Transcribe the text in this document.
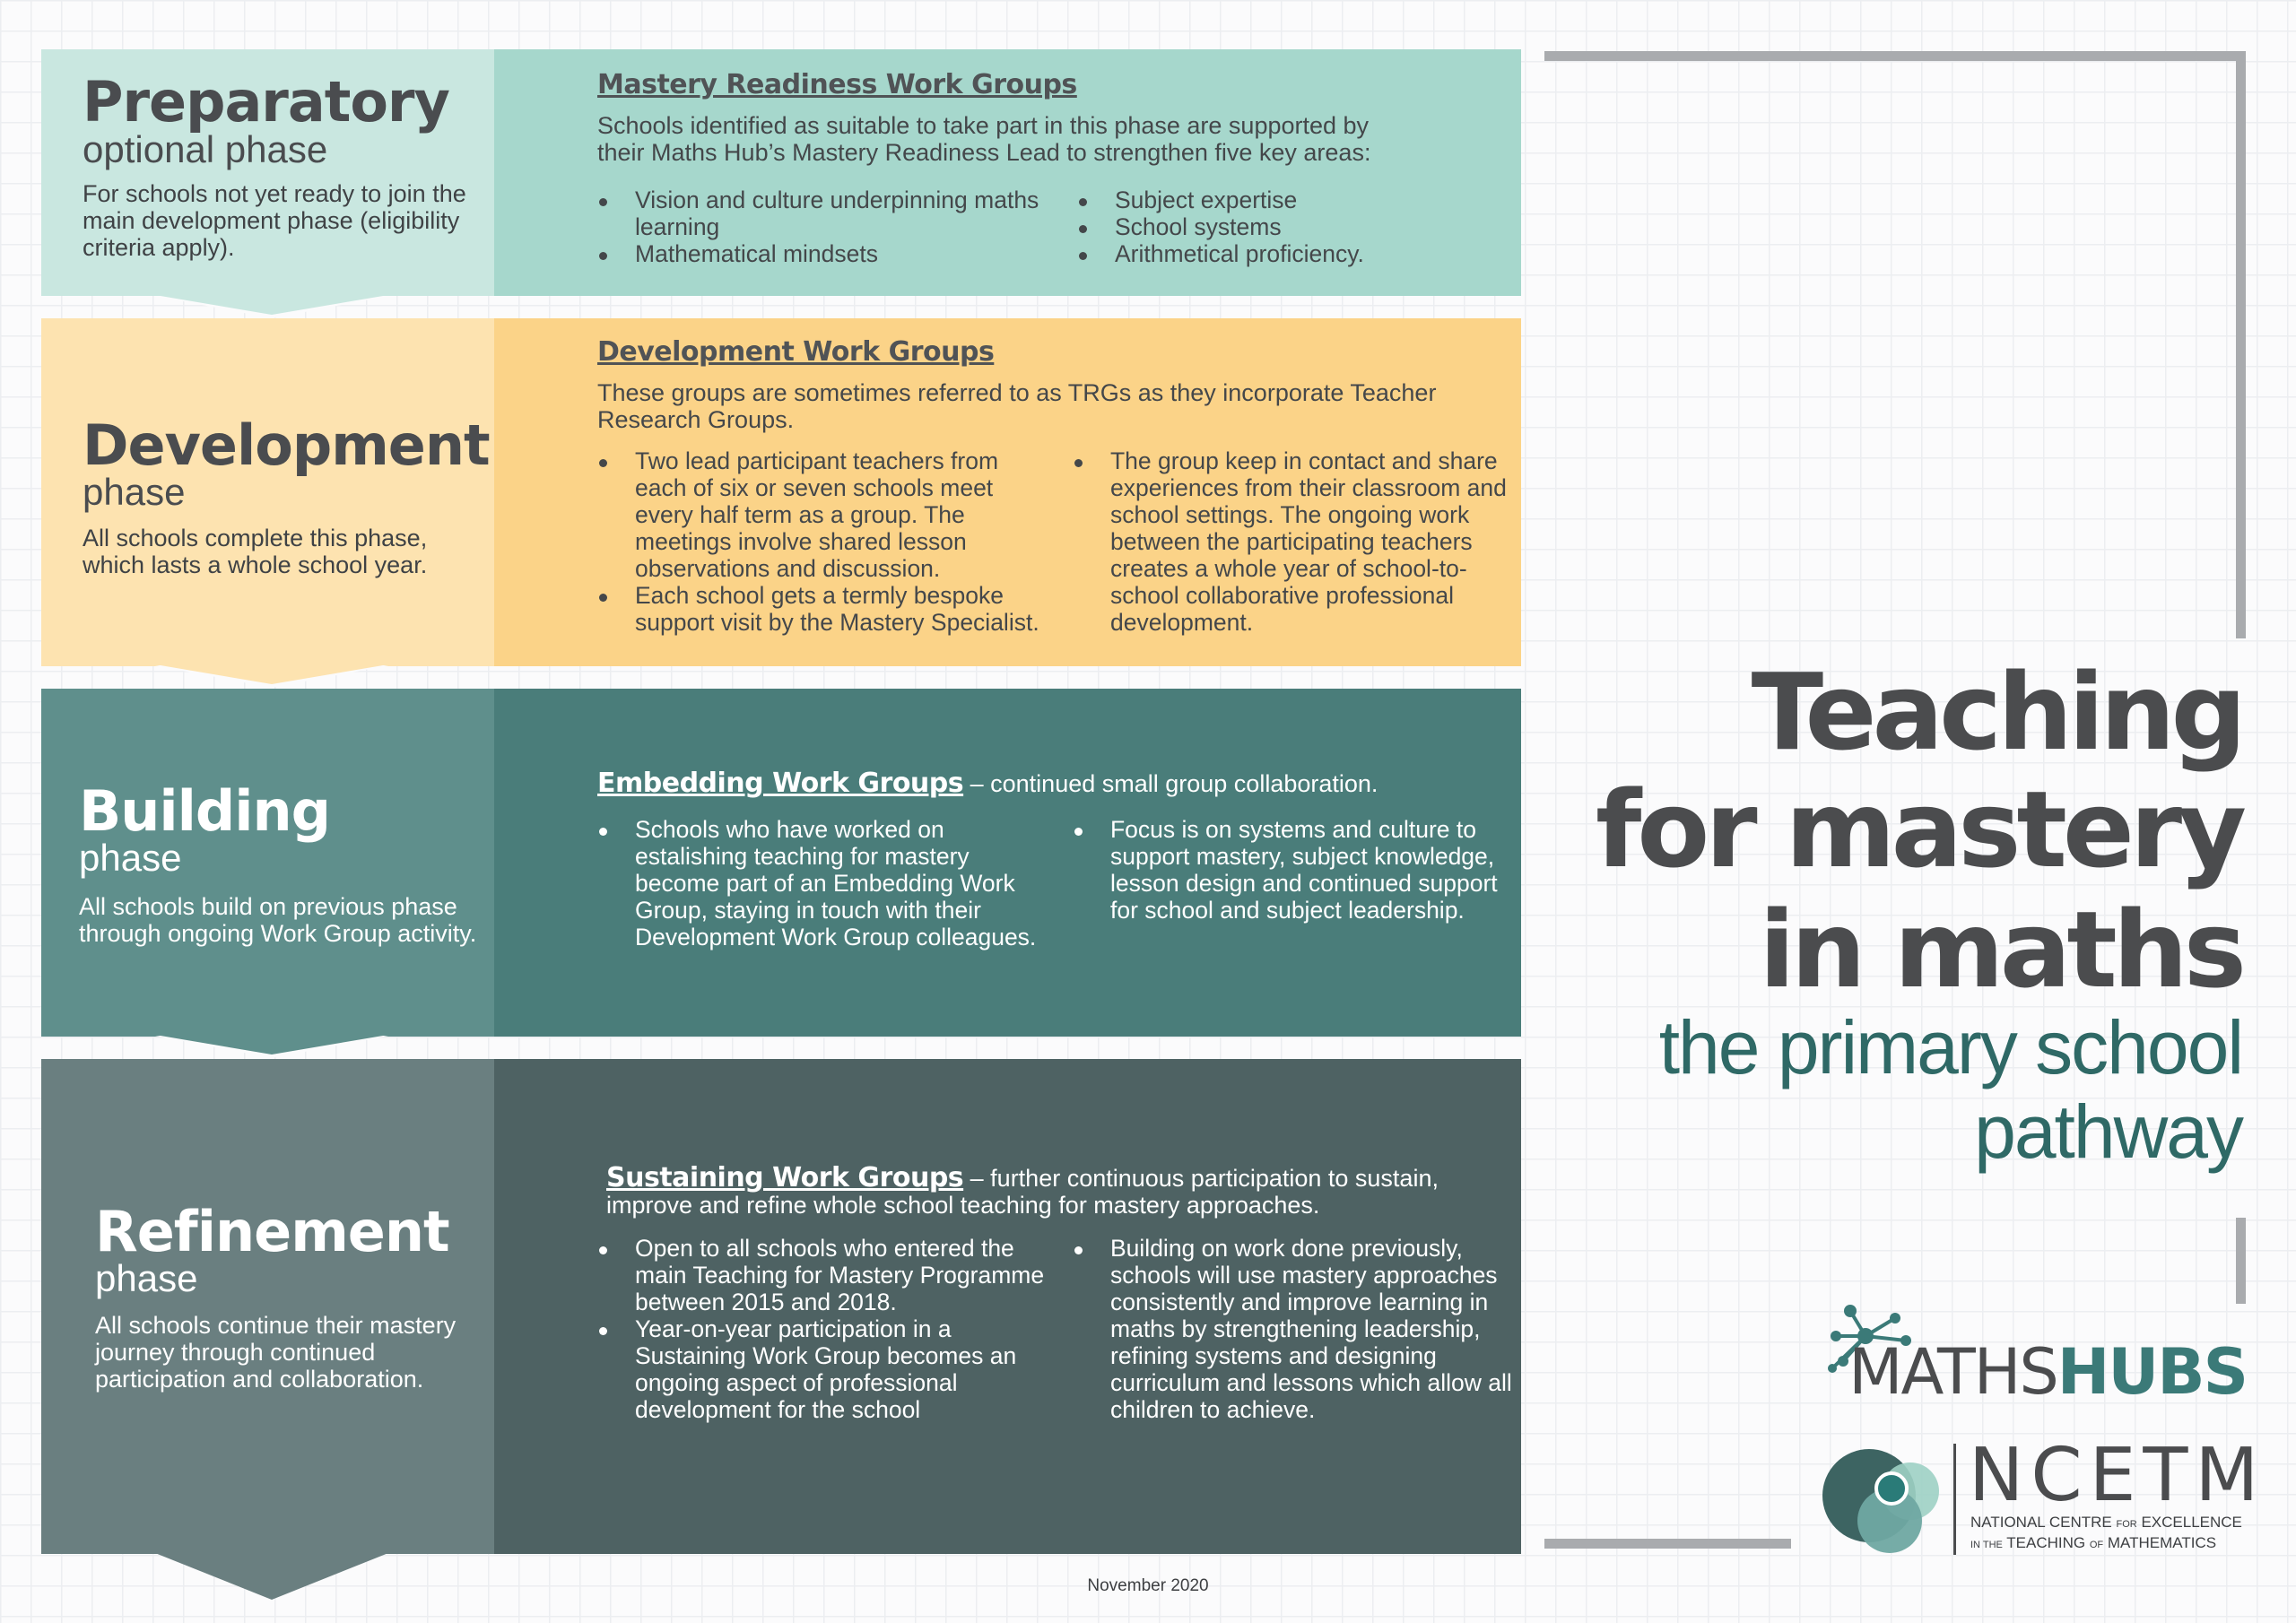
Preparatory

optional phase

For schools not yet ready to join the main development phase (eligibility criteria apply).

Mastery Readiness Work Groups

Schools identified as suitable to take part in this phase are supported by their Maths Hub’s Mastery Readiness Lead to strengthen five key areas:

Vision and culture underpinning maths learning
Mathematical mindsets
Subject expertise
School systems
Arithmetical proficiency.
Development

phase

All schools complete this phase, which lasts a whole school year.

Development Work Groups

These groups are sometimes referred to as TRGs as they incorporate Teacher Research Groups.

Two lead participant teachers from each of six or seven schools meet every half term as a group. The meetings involve shared lesson observations and discussion.
Each school gets a termly bespoke support visit by the Mastery Specialist.
The group keep in contact and share experiences from their classroom and school settings. The ongoing work between the participating teachers creates a whole year of school-to-school collaborative professional development.
Building

phase

All schools build on previous phase through ongoing Work Group activity.

Embedding Work Groups – continued small group collaboration.
Schools who have worked on estalishing teaching for mastery become part of an Embedding Work Group, staying in touch with their Development Work Group colleagues.
Focus is on systems and culture to support mastery, subject knowledge, lesson design and continued support for school and subject leadership.
Refinement

phase

All schools continue their mastery journey through continued participation and collaboration.

Sustaining Work Groups – further continuous participation to sustain, improve and refine whole school teaching for mastery approaches.

Open to all schools who entered the main Teaching for Mastery Programme between 2015 and 2018.
Year-on-year participation in a Sustaining Work Group becomes an ongoing aspect of professional development for the school
Building on work done previously, schools will use mastery approaches consistently and improve learning in maths by strengthening leadership, refining systems and designing curriculum and lessons which allow all children to achieve.
Teaching
for mastery
in maths
the primary school
pathway
MATHSHUBS
NCETM
NATIONAL CENTRE FOR EXCELLENCE
IN THE TEACHING OF MATHEMATICS
November 2020
